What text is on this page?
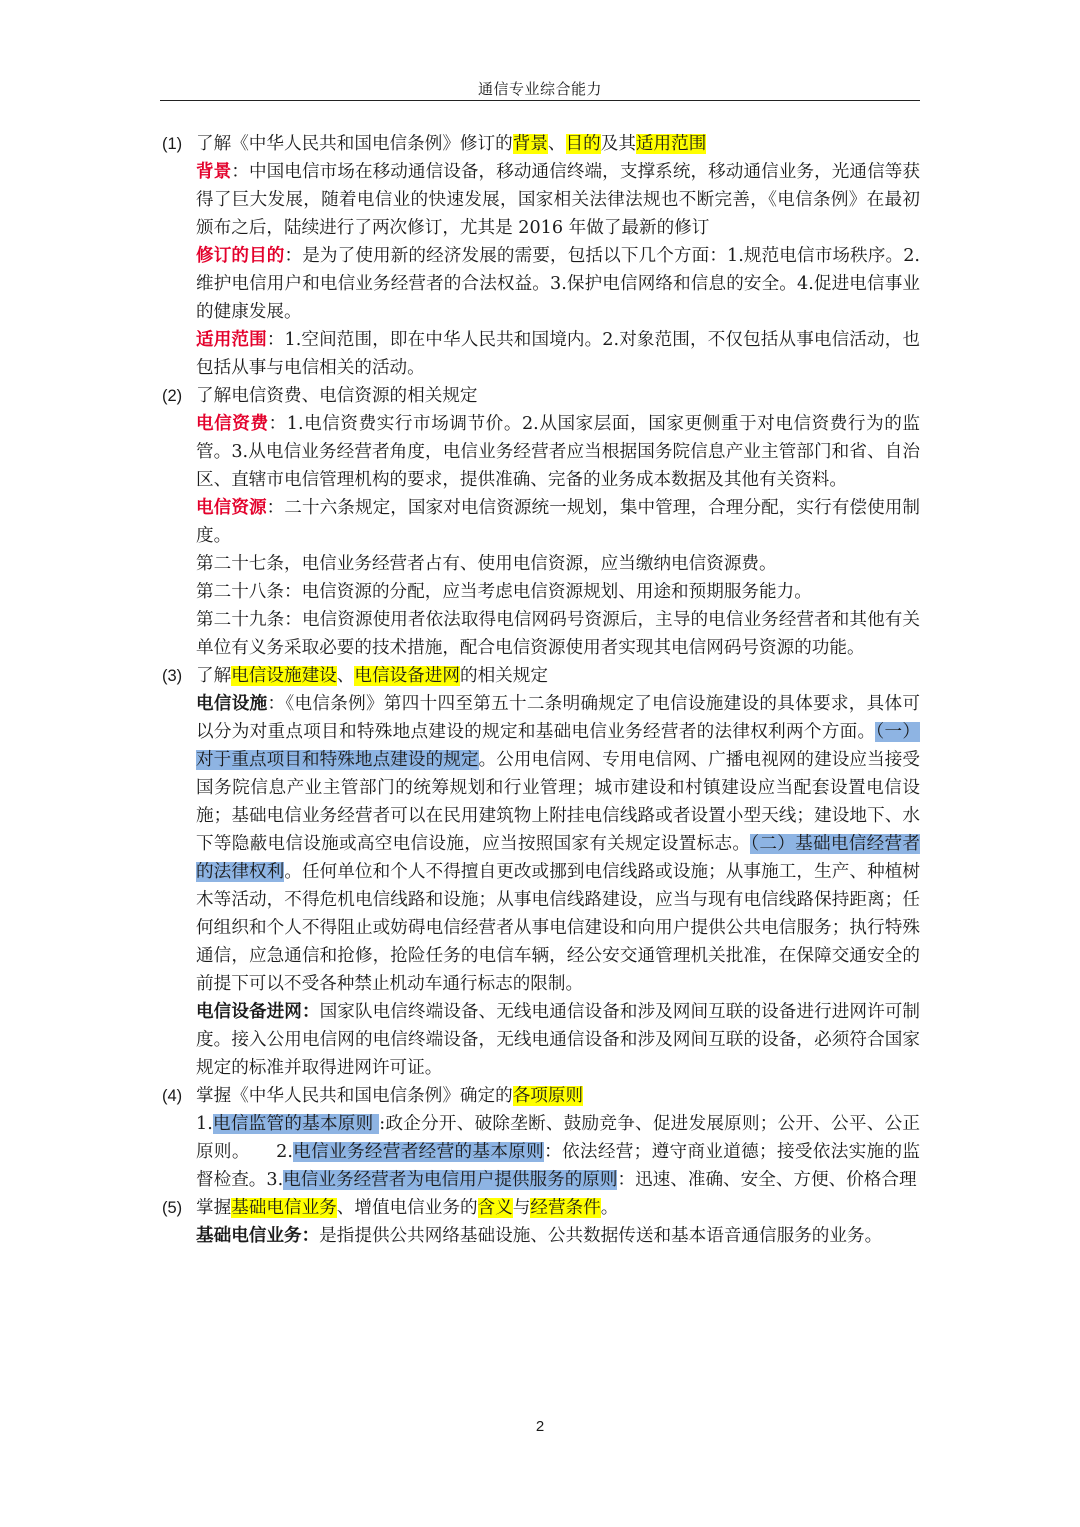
通信专业综合能力
(1) 了解《中华人民共和国电信条例》修订的背景、目的及其适用范围

背景：中国电信市场在移动通信设备，移动通信终端，支撑系统，移动通信业务，光通信等获得了巨大发展，随着电信业的快速发展，国家相关法律法规也不断完善，《电信条例》在最初颁布之后，陆续进行了两次修订，尤其是 2016 年做了最新的修订

修订的目的：是为了使用新的经济发展的需要，包括以下几个方面：1.规范电信市场秩序。2.维护电信用户和电信业务经营者的合法权益。3.保护电信网络和信息的安全。4.促进电信事业的健康发展。

适用范围：1.空间范围，即在中华人民共和国境内。2.对象范围，不仅包括从事电信活动，也包括从事与电信相关的活动。

(2) 了解电信资费、电信资源的相关规定

电信资费：1.电信资费实行市场调节价。2.从国家层面，国家更侧重于对电信资费行为的监管。3.从电信业务经营者角度，电信业务经营者应当根据国务院信息产业主管部门和省、自治区、直辖市电信管理机构的要求，提供准确、完备的业务成本数据及其他有关资料。

电信资源：二十六条规定，国家对电信资源统一规划，集中管理，合理分配，实行有偿使用制度。

第二十七条，电信业务经营者占有、使用电信资源，应当缴纳电信资源费。

第二十八条：电信资源的分配，应当考虑电信资源规划、用途和预期服务能力。

第二十九条：电信资源使用者依法取得电信网码号资源后，主导的电信业务经营者和其他有关单位有义务采取必要的技术措施，配合电信资源使用者实现其电信网码号资源的功能。

(3) 了解电信设施建设、电信设备进网的相关规定

电信设施：《电信条例》第四十四至第五十二条明确规定了电信设施建设的具体要求，具体可以分为对重点项目和特殊地点建设的规定和基础电信业务经营者的法律权利两个方面。（一）对于重点项目和特殊地点建设的规定。公用电信网、专用电信网、广播电视网的建设应当接受国务院信息产业主管部门的统筹规划和行业管理；城市建设和村镇建设应当配套设置电信设施；基础电信业务经营者可以在民用建筑物上附挂电信线路或者设置小型天线；建设地下、水下等隐蔽电信设施或高空电信设施，应当按照国家有关规定设置标志。（二）基础电信经营者的法律权利。任何单位和个人不得擅自更改或挪到电信线路或设施；从事施工，生产、种植树木等活动，不得危机电信线路和设施；从事电信线路建设，应当与现有电信线路保持距离；任何组织和个人不得阻止或妨碍电信经营者从事电信建设和向用户提供公共电信服务；执行特殊通信，应急通信和抢修，抢险任务的电信车辆，经公安交通管理机关批准，在保障交通安全的前提下可以不受各种禁止机动车通行标志的限制。

电信设备进网：国家队电信终端设备、无线电通信设备和涉及网间互联的设备进行进网许可制度。接入公用电信网的电信终端设备，无线电通信设备和涉及网间互联的设备，必须符合国家规定的标准并取得进网许可证。

(4) 掌握《中华人民共和国电信条例》确定的各项原则

1.电信监管的基本原则 :政企分开、破除垄断、鼓励竞争、促进发展原则；公开、公平、公正原则。   2.电信业务经营者经营的基本原则：依法经营；遵守商业道德；接受依法实施的监督检查。3.电信业务经营者为电信用户提供服务的原则：迅速、准确、安全、方便、价格合理

(5) 掌握基础电信业务、增值电信业务的含义与经营条件。

基础电信业务：是指提供公共网络基础设施、公共数据传送和基本语音通信服务的业务。

2
